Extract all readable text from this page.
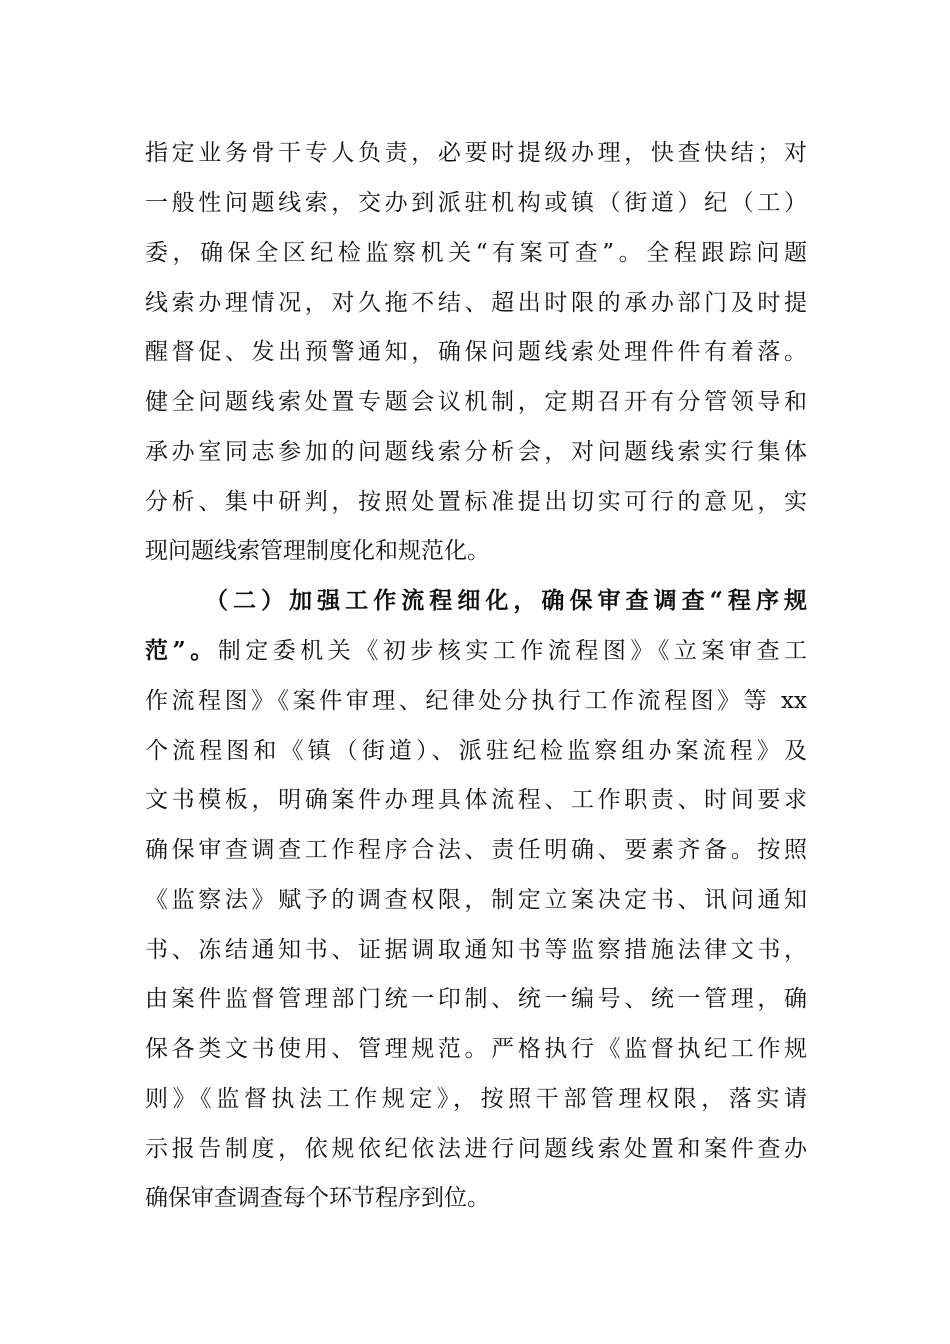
指定业务骨干专人负责，必要时提级办理，快查快结；对
一般性问题线索，交办到派驻机构或镇（街道）纪（工）
委，确保全区纪检监察机关“有案可查”。全程跟踪问题
线索办理情况，对久拖不结、超出时限的承办部门及时提
醒督促、发出预警通知，确保问题线索处理件件有着落。
健全问题线索处置专题会议机制，定期召开有分管领导和
承办室同志参加的问题线索分析会，对问题线索实行集体
分析、集中研判，按照处置标准提出切实可行的意见，实
现问题线索管理制度化和规范化。
（二）加强工作流程细化，确保审查调查“程序规
范”。制定委机关《初步核实工作流程图》《立案审查工
作流程图》《案件审理、纪律处分执行工作流程图》等 xx
个流程图和《镇（街道）、派驻纪检监察组办案流程》及
文书模板，明确案件办理具体流程、工作职责、时间要求
确保审查调查工作程序合法、责任明确、要素齐备。按照
《监察法》赋予的调查权限，制定立案决定书、讯问通知
书、冻结通知书、证据调取通知书等监察措施法律文书，
由案件监督管理部门统一印制、统一编号、统一管理，确
保各类文书使用、管理规范。严格执行《监督执纪工作规
则》《监督执法工作规定》，按照干部管理权限，落实请
示报告制度，依规依纪依法进行问题线索处置和案件查办
确保审查调查每个环节程序到位。
